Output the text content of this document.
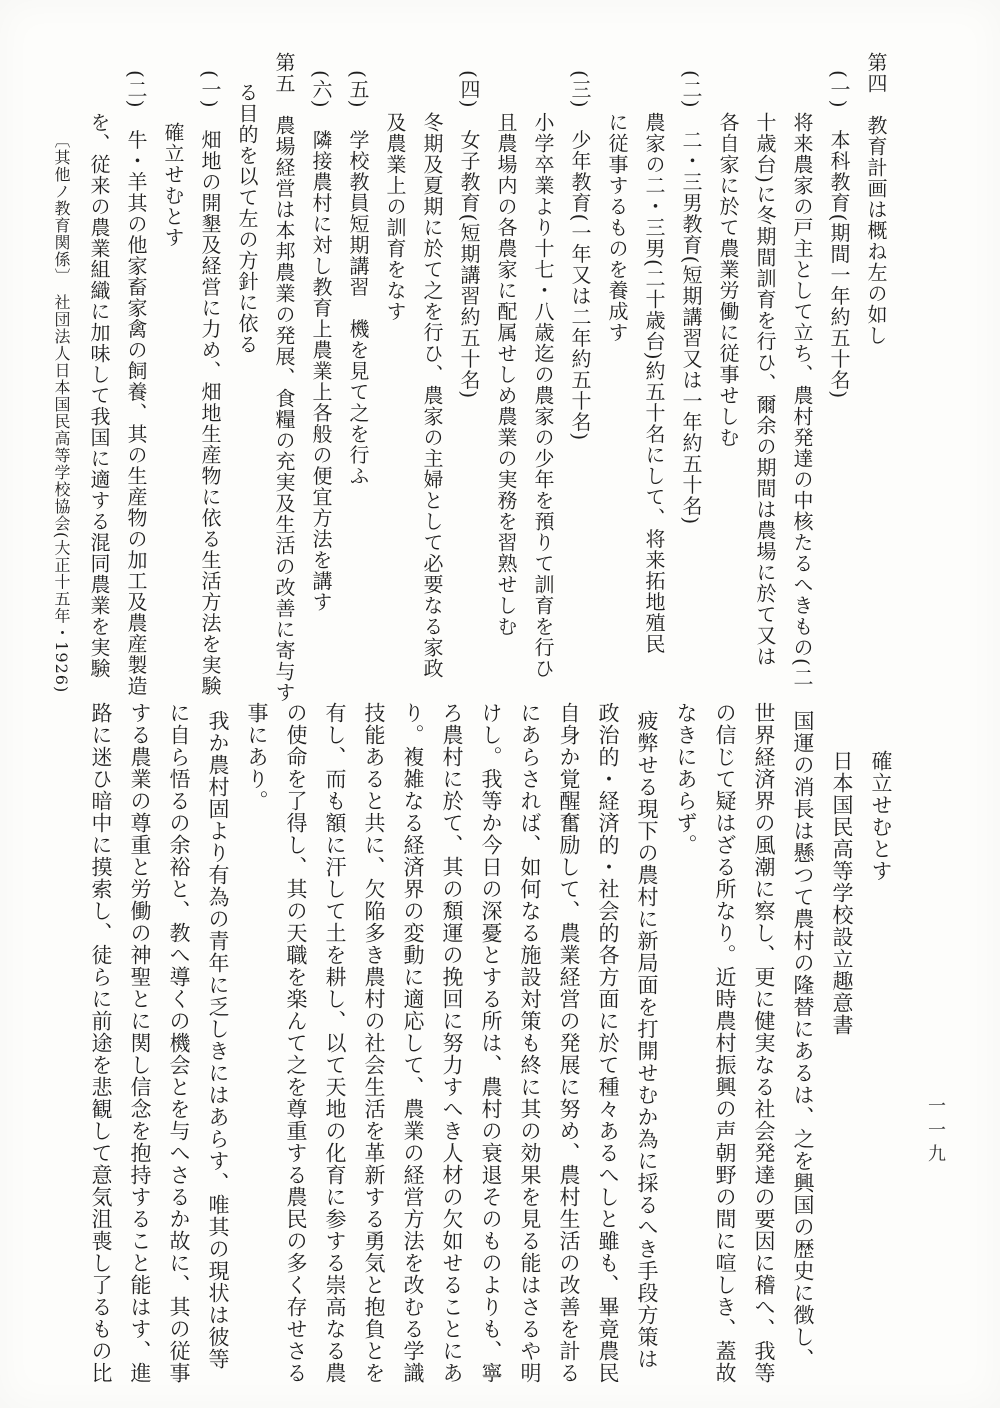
第四　教育計画は概ね左の如し

(一)　本科教育(期間一年約五十名)

将来農家の戸主として立ち、農村発達の中核たるへきもの(二

十歳台)に冬期間訓育を行ひ、爾余の期間は農場に於て又は

各自家に於て農業労働に従事せしむ

(二)　二・三男教育(短期講習又は一年約五十名)

農家の二・三男(二十歳台)約五十名にして、将来拓地殖民

に従事するものを養成す

(三)　少年教育(一年又は二年約五十名)

小学卒業より十七・八歳迄の農家の少年を預りて訓育を行ひ

且農場内の各農家に配属せしめ農業の実務を習熟せしむ

(四)　女子教育(短期講習約五十名)

冬期及夏期に於て之を行ひ、農家の主婦として必要なる家政

及農業上の訓育をなす

(五)　学校教員短期講習　機を見て之を行ふ

(六)　隣接農村に対し教育上農業上各般の便宜方法を講す

第五　農場経営は本邦農業の発展、食糧の充実及生活の改善に寄与す

る目的を以て左の方針に依る

(一)　畑地の開墾及経営に力め、畑地生産物に依る生活方法を実験

確立せむとす

(二)　牛・羊其の他家畜家禽の飼養、其の生産物の加工及農産製造

を、従来の農業組織に加味して我国に適する混同農業を実験

〔其他ノ教育関係〕　社団法人日本国民高等学校協会(大正十五年・1926)

確立せむとす

日本国民高等学校設立趣意書

国運の消長は懸つて農村の隆替にあるは、之を興国の歴史に徴し、

世界経済界の風潮に察し、更に健実なる社会発達の要因に稽へ、我等

の信じて疑はざる所なり。近時農村振興の声朝野の間に喧しき、蓋故

なきにあらず。

疲弊せる現下の農村に新局面を打開せむか為に採るへき手段方策は

政治的・経済的・社会的各方面に於て種々あるへしと雖も、畢竟農民

自身か覚醒奮励して、農業経営の発展に努め、農村生活の改善を計る

にあらされば、如何なる施設対策も終に其の効果を見る能はさるや明

けし。我等か今日の深憂とする所は、農村の衰退そのものよりも、寧

ろ農村に於て、其の頽運の挽回に努力すへき人材の欠如せることにあ

り。複雑なる経済界の変動に適応して、農業の経営方法を改むる学識

技能あると共に、欠陥多き農村の社会生活を革新する勇気と抱負とを

有し、而も額に汗して土を耕し、以て天地の化育に参する崇高なる農

の使命を了得し、其の天職を楽んて之を尊重する農民の多く存せさる

事にあり。

我か農村固より有為の青年に乏しきにはあらす、唯其の現状は彼等

に自ら悟るの余裕と、教へ導くの機会とを与へさるか故に、其の従事

する農業の尊重と労働の神聖とに関し信念を抱持すること能はす、進

路に迷ひ暗中に摸索し、徒らに前途を悲観して意気沮喪し了るもの比	一一九
